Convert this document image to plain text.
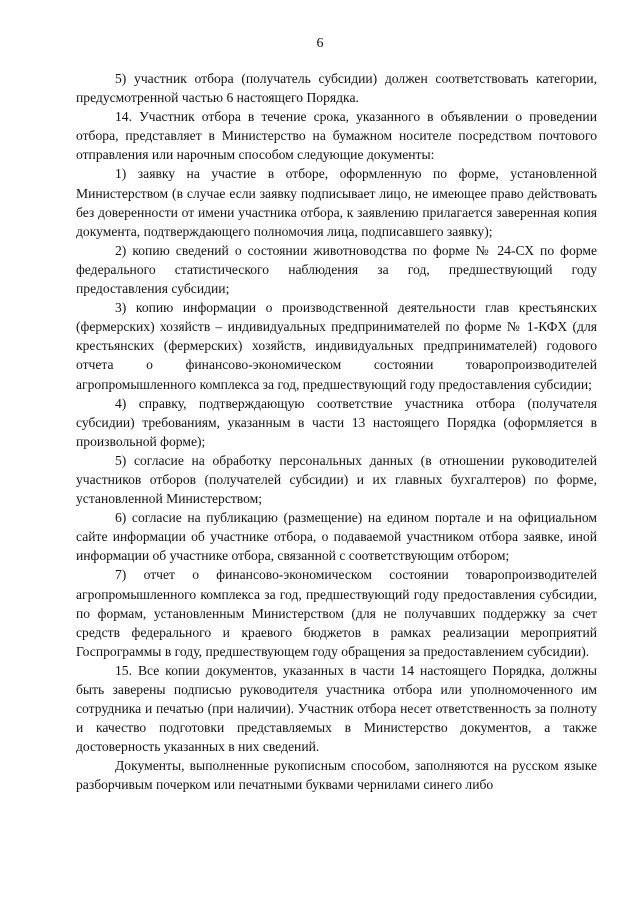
6

5) участник отбора (получатель субсидии) должен соответствовать категории, предусмотренной частью 6 настоящего Порядка.

14. Участник отбора в течение срока, указанного в объявлении о проведении отбора, представляет в Министерство на бумажном носителе посредством почтового отправления или нарочным способом следующие документы:

1) заявку на участие в отборе, оформленную по форме, установленной Министерством (в случае если заявку подписывает лицо, не имеющее право действовать без доверенности от имени участника отбора, к заявлению прилагается заверенная копия документа, подтверждающего полномочия лица, подписавшего заявку);

2) копию сведений о состоянии животноводства по форме № 24-СХ по форме федерального статистического наблюдения за год, предшествующий году предоставления субсидии;

3) копию информации о производственной деятельности глав крестьянских (фермерских) хозяйств – индивидуальных предпринимателей по форме № 1-КФХ (для крестьянских (фермерских) хозяйств, индивидуальных предпринимателей) годового отчета о финансово-экономическом состоянии товаропроизводителей агропромышленного комплекса за год, предшествующий году предоставления субсидии;

4) справку, подтверждающую соответствие участника отбора (получателя субсидии) требованиям, указанным в части 13 настоящего Порядка (оформляется в произвольной форме);

5) согласие на обработку персональных данных (в отношении руководителей участников отборов (получателей субсидии) и их главных бухгалтеров) по форме, установленной Министерством;

6) согласие на публикацию (размещение) на едином портале и на официальном сайте информации об участнике отбора, о подаваемой участником отбора заявке, иной информации об участнике отбора, связанной с соответствующим отбором;

7) отчет о финансово-экономическом состоянии товаропроизводителей агропромышленного комплекса за год, предшествующий году предоставления субсидии, по формам, установленным Министерством (для не получавших поддержку за счет средств федерального и краевого бюджетов в рамках реализации мероприятий Госпрограммы в году, предшествующем году обращения за предоставлением субсидии).

15. Все копии документов, указанных в части 14 настоящего Порядка, должны быть заверены подписью руководителя участника отбора или уполномоченного им сотрудника и печатью (при наличии). Участник отбора несет ответственность за полноту и качество подготовки представляемых в Министерство документов, а также достоверность указанных в них сведений.

Документы, выполненные рукописным способом, заполняются на русском языке разборчивым почерком или печатными буквами чернилами синего либо
